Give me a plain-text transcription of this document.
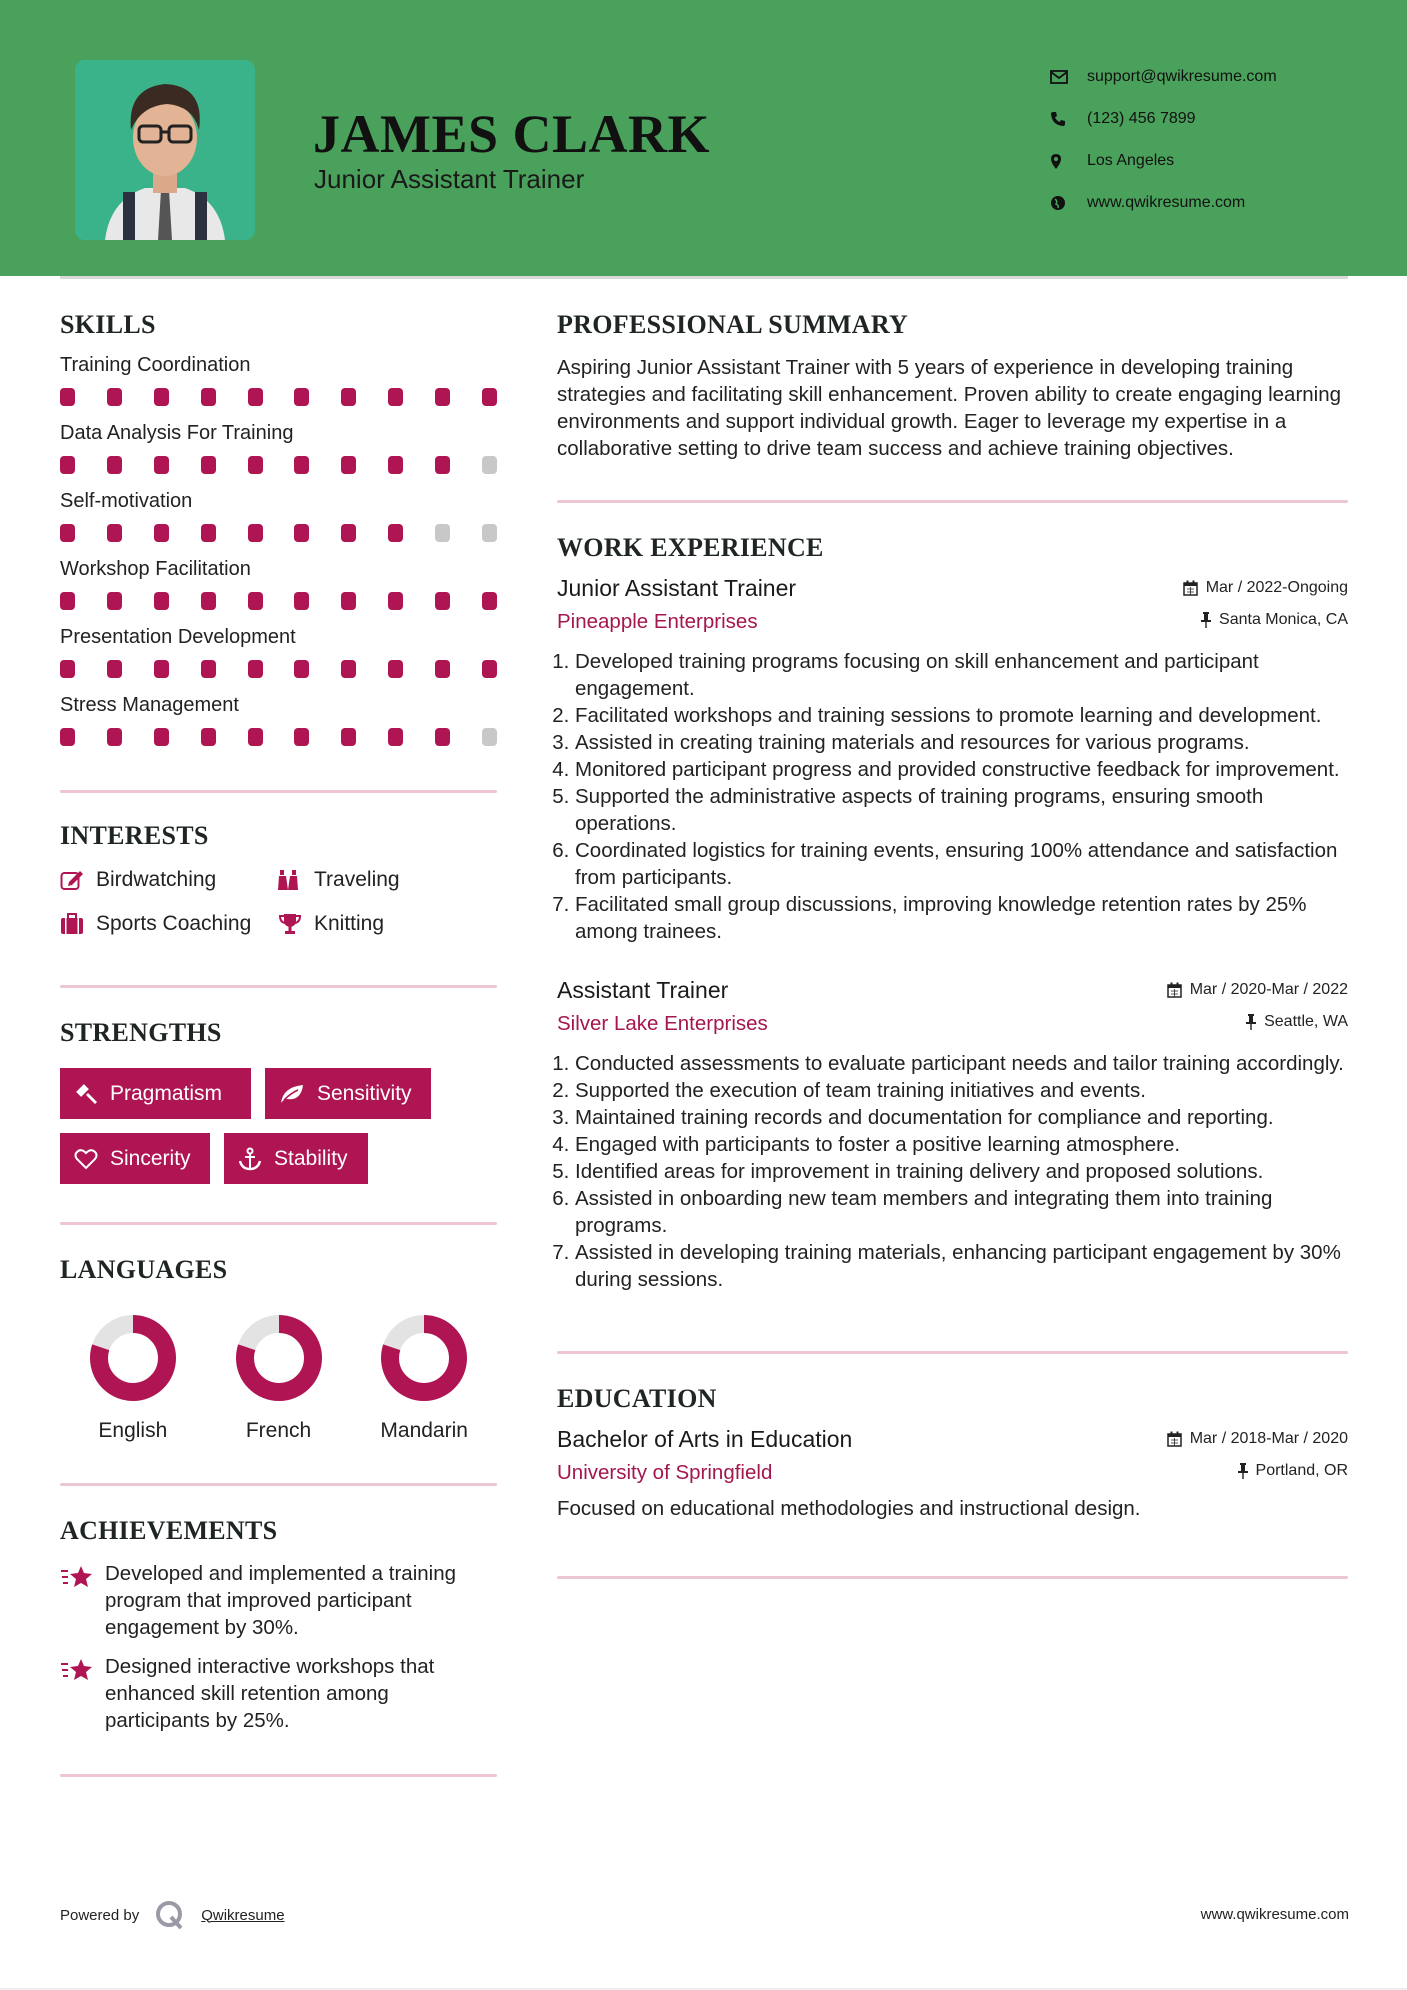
JAMES CLARK
Junior Assistant Trainer
support@qwikresume.com
(123) 456 7899
Los Angeles
www.qwikresume.com
SKILLS
Training Coordination
Data Analysis For Training
Self-motivation
Workshop Facilitation
Presentation Development
Stress Management
INTERESTS
Birdwatching	Traveling
Sports Coaching	Knitting
STRENGTHS
Pragmatism	Sensitivity
Sincerity	Stability
LANGUAGES
English	French	Mandarin
ACHIEVEMENTS
Developed and implemented a training program that improved participant engagement by 30%.
Designed interactive workshops that enhanced skill retention among participants by 25%.
PROFESSIONAL SUMMARY
Aspiring Junior Assistant Trainer with 5 years of experience in developing training strategies and facilitating skill enhancement. Proven ability to create engaging learning environments and support individual growth. Eager to leverage my expertise in a collaborative setting to drive team success and achieve training objectives.
WORK EXPERIENCE
Junior Assistant Trainer	Mar / 2022-Ongoing
Pineapple Enterprises	Santa Monica, CA
1. Developed training programs focusing on skill enhancement and participant engagement.
2. Facilitated workshops and training sessions to promote learning and development.
3. Assisted in creating training materials and resources for various programs.
4. Monitored participant progress and provided constructive feedback for improvement.
5. Supported the administrative aspects of training programs, ensuring smooth operations.
6. Coordinated logistics for training events, ensuring 100% attendance and satisfaction from participants.
7. Facilitated small group discussions, improving knowledge retention rates by 25% among trainees.
Assistant Trainer	Mar / 2020-Mar / 2022
Silver Lake Enterprises	Seattle, WA
1. Conducted assessments to evaluate participant needs and tailor training accordingly.
2. Supported the execution of team training initiatives and events.
3. Maintained training records and documentation for compliance and reporting.
4. Engaged with participants to foster a positive learning atmosphere.
5. Identified areas for improvement in training delivery and proposed solutions.
6. Assisted in onboarding new team members and integrating them into training programs.
7. Assisted in developing training materials, enhancing participant engagement by 30% during sessions.
EDUCATION
Bachelor of Arts in Education	Mar / 2018-Mar / 2020
University of Springfield	Portland, OR
Focused on educational methodologies and instructional design.
Powered by	Qwikresume	www.qwikresume.com
